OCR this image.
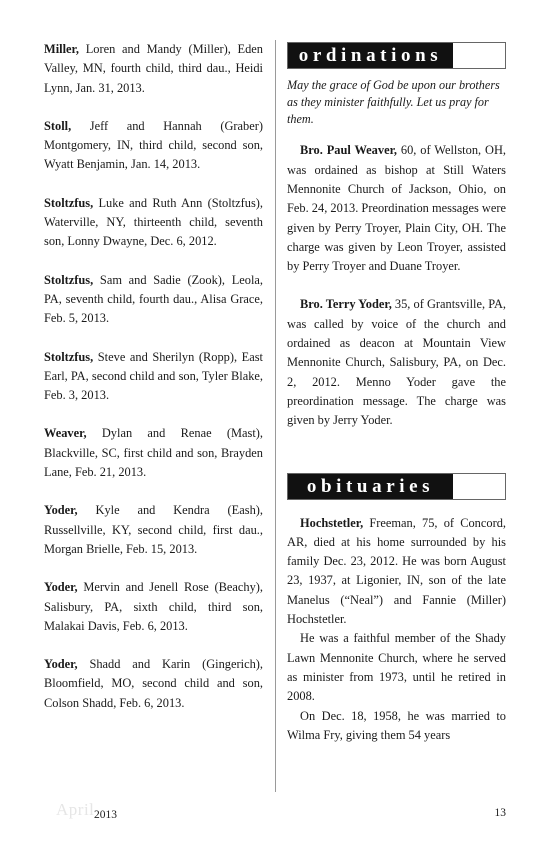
Miller, Loren and Mandy (Miller), Eden Valley, MN, fourth child, third dau., Heidi Lynn, Jan. 31, 2013.

Stoll, Jeff and Hannah (Graber) Montgomery, IN, third child, second son, Wyatt Benjamin, Jan. 14, 2013.

Stoltzfus, Luke and Ruth Ann (Stoltzfus), Waterville, NY, thirteenth child, seventh son, Lonny Dwayne, Dec. 6, 2012.

Stoltzfus, Sam and Sadie (Zook), Leola, PA, seventh child, fourth dau., Alisa Grace, Feb. 5, 2013.

Stoltzfus, Steve and Sherilyn (Ropp), East Earl, PA, second child and son, Tyler Blake, Feb. 3, 2013.

Weaver, Dylan and Renae (Mast), Blackville, SC, first child and son, Brayden Lane, Feb. 21, 2013.

Yoder, Kyle and Kendra (Eash), Russellville, KY, second child, first dau., Morgan Brielle, Feb. 15, 2013.

Yoder, Mervin and Jenell Rose (Beachy), Salisbury, PA, sixth child, third son, Malakai Davis, Feb. 6, 2013.

Yoder, Shadd and Karin (Gingerich), Bloomfield, MO, second child and son, Colson Shadd, Feb. 6, 2013.

ordinations

May the grace of God be upon our brothers as they minister faithfully. Let us pray for them.

Bro. Paul Weaver, 60, of Wellston, OH, was ordained as bishop at Still Waters Mennonite Church of Jackson, Ohio, on Feb. 24, 2013. Preordination messages were given by Perry Troyer, Plain City, OH. The charge was given by Leon Troyer, assisted by Perry Troyer and Duane Troyer.

Bro. Terry Yoder, 35, of Grantsville, PA, was called by voice of the church and ordained as deacon at Mountain View Mennonite Church, Salisbury, PA, on Dec. 2, 2012. Menno Yoder gave the preordination message. The charge was given by Jerry Yoder.

obituaries

Hochstetler, Freeman, 75, of Concord, AR, died at his home surrounded by his family Dec. 23, 2012. He was born August 23, 1937, at Ligonier, IN, son of the late Manelus (“Neal”) and Fannie (Miller) Hochstetler.

He was a faithful member of the Shady Lawn Mennonite Church, where he served as minister from 1973, until he retired in 2008.

On Dec. 18, 1958, he was married to Wilma Fry, giving them 54 years

April 2013	13
